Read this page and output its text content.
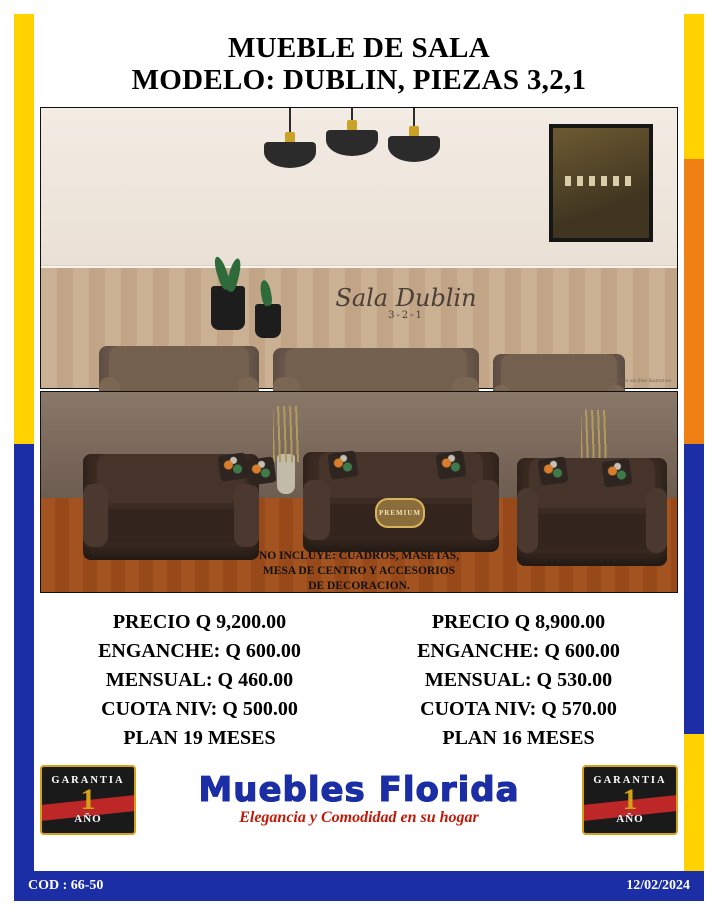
MUEBLE DE SALA
MODELO: DUBLIN, PIEZAS 3,2,1
Sala Dublin
3-2-1
*Imágenes son fines ilustrativos
PREMIUM
NO INCLUYE: CUADROS, MASETAS,
MESA DE CENTRO Y ACCESORIOS
DE DECORACION.
PRECIO Q 9,200.00
ENGANCHE: Q 600.00
MENSUAL: Q 460.00
CUOTA NIV: Q 500.00
PLAN 19 MESES
PRECIO Q 8,900.00
ENGANCHE: Q 600.00
MENSUAL: Q 530.00
CUOTA NIV: Q 570.00
PLAN 16 MESES
GARANTIA
1
AÑO
Muebles Florida
Elegancia y Comodidad en su hogar
GARANTIA
1
AÑO
COD : 66-50	12/02/2024
